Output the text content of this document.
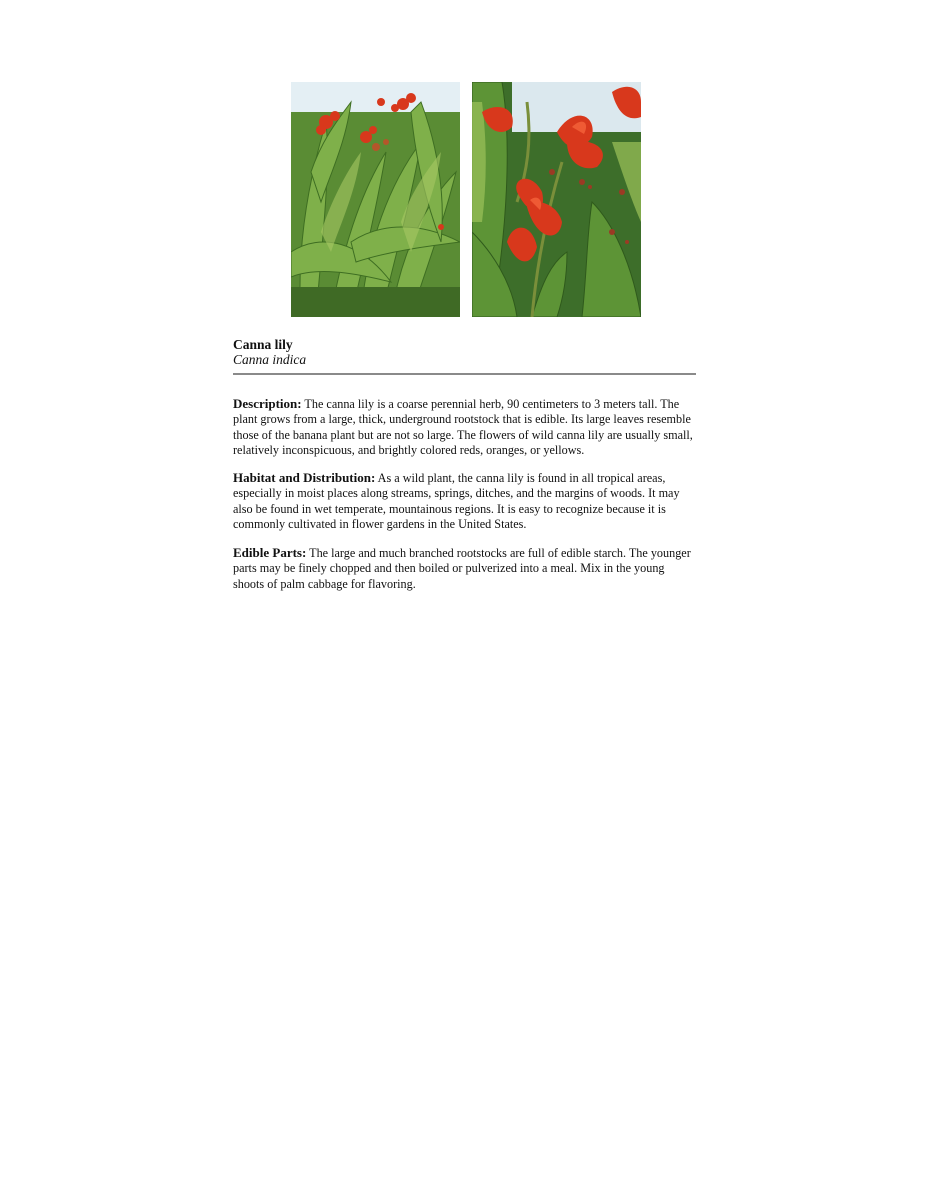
Canna lily
Canna indica
Description: The canna lily is a coarse perennial herb, 90 centimeters to 3 meters tall. The plant grows from a large, thick, underground rootstock that is edible. Its large leaves resemble those of the banana plant but are not so large. The flowers of wild canna lily are usually small, relatively inconspicuous, and brightly colored reds, oranges, or yellows.
Habitat and Distribution: As a wild plant, the canna lily is found in all tropical areas, especially in moist places along streams, springs, ditches, and the margins of woods. It may also be found in wet temperate, mountainous regions. It is easy to recognize because it is commonly cultivated in flower gardens in the United States.
Edible Parts: The large and much branched rootstocks are full of edible starch. The younger parts may be finely chopped and then boiled or pulverized into a meal. Mix in the young shoots of palm cabbage for flavoring.
